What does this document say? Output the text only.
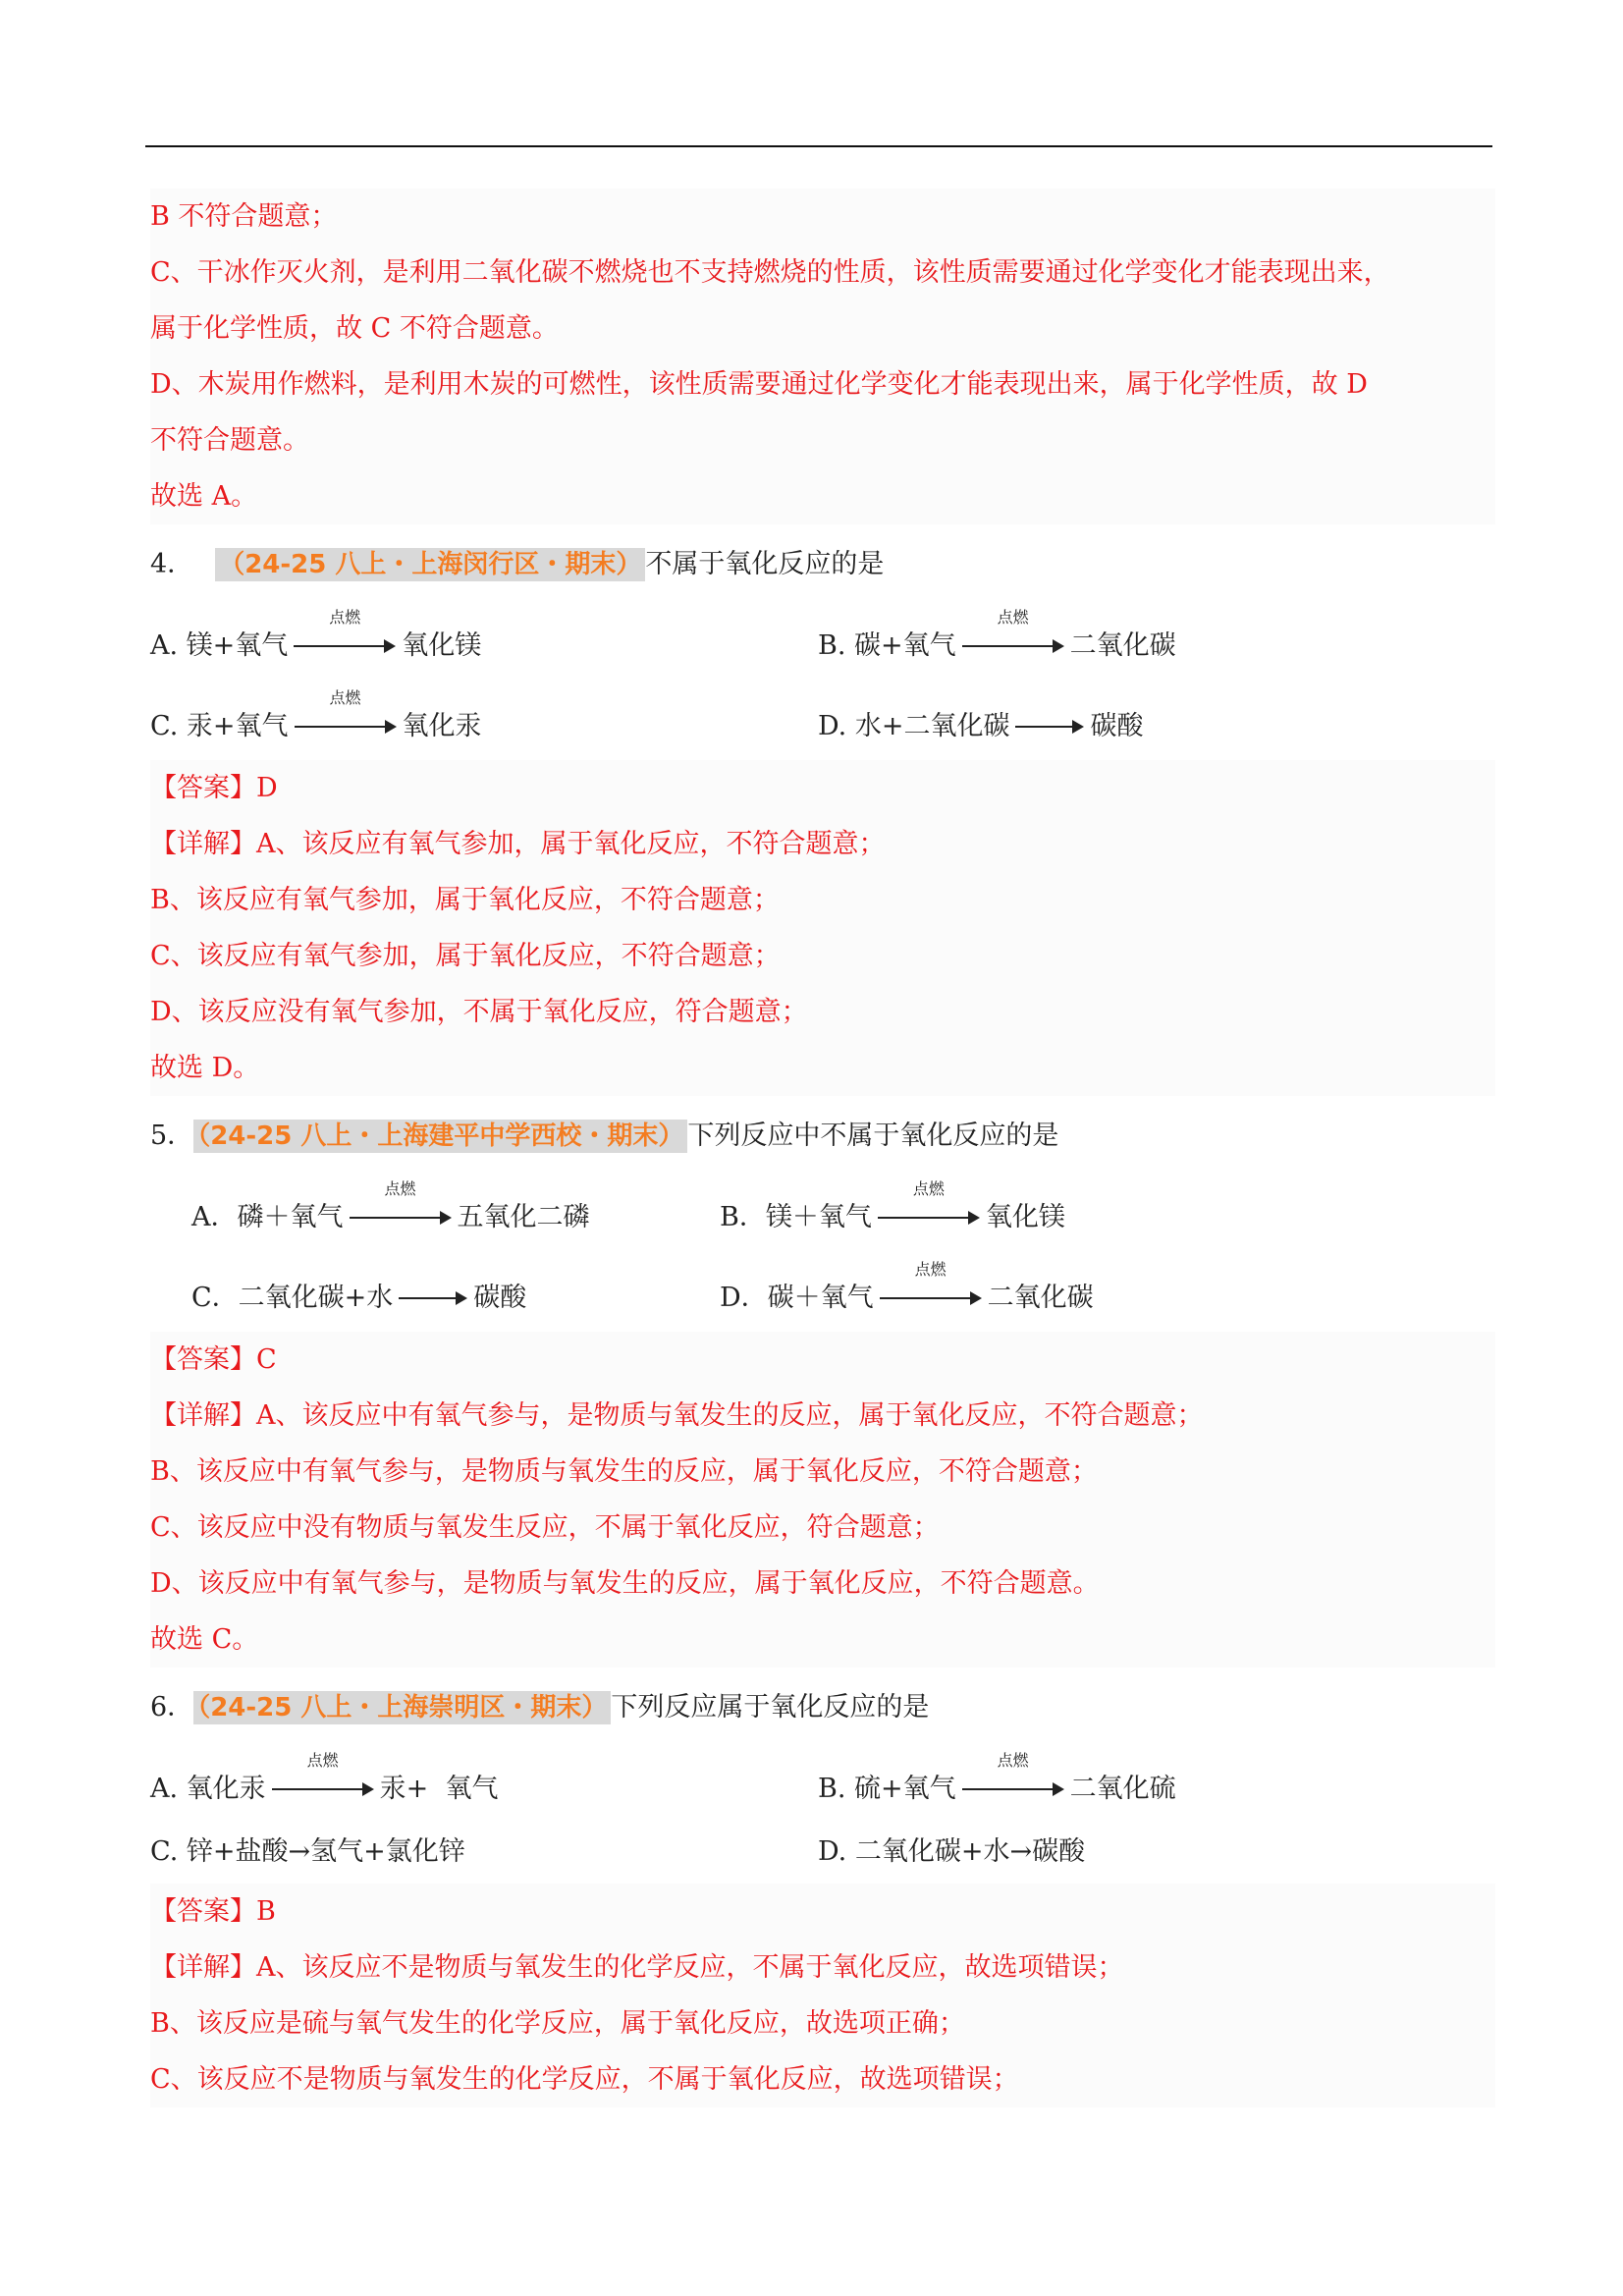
B 不符合题意；
C、干冰作灭火剂，是利用二氧化碳不燃烧也不支持燃烧的性质，该性质需要通过化学变化才能表现出来，
属于化学性质，故 C 不符合题意。
D、木炭用作燃料，是利用木炭的可燃性，该性质需要通过化学变化才能表现出来，属于化学性质，故 D
不符合题意。
故选 A。
4． （24-25 八上・上海闵行区・期末） 不属于氧化反应的是
A. 镁+氧气
点燃
氧化镁	B. 碳+氧气
点燃
二氧化碳
C. 汞+氧气
点燃
氧化汞	D. 水+二氧化碳	碳酸
【答案】D
【详解】A、该反应有氧气参加，属于氧化反应，不符合题意；
B、该反应有氧气参加，属于氧化反应，不符合题意；
C、该反应有氧气参加，属于氧化反应，不符合题意；
D、该反应没有氧气参加，不属于氧化反应，符合题意；
故选 D。
5． （24-25 八上・上海建平中学西校・期末） 下列反应中不属于氧化反应的是
A．磷＋氧气
点燃
五氧化二磷	B．镁＋氧气
点燃
氧化镁
C．二氧化碳+水	碳酸	D．碳＋氧气
点燃
二氧化碳
【答案】C
【详解】A、该反应中有氧气参与，是物质与氧发生的反应，属于氧化反应，不符合题意；
B、该反应中有氧气参与，是物质与氧发生的反应，属于氧化反应，不符合题意；
C、该反应中没有物质与氧发生反应，不属于氧化反应，符合题意；
D、该反应中有氧气参与，是物质与氧发生的反应，属于氧化反应，不符合题意。
故选 C。
6． （24-25 八上・上海崇明区・期末） 下列反应属于氧化反应的是
A. 氧化汞
点燃
汞+  氧气	B. 硫+氧气
点燃
二氧化硫
C. 锌+盐酸→氢气+氯化锌	D. 二氧化碳+水→碳酸
【答案】B
【详解】A、该反应不是物质与氧发生的化学反应，不属于氧化反应，故选项错误；
B、该反应是硫与氧气发生的化学反应，属于氧化反应，故选项正确；
C、该反应不是物质与氧发生的化学反应，不属于氧化反应，故选项错误；
